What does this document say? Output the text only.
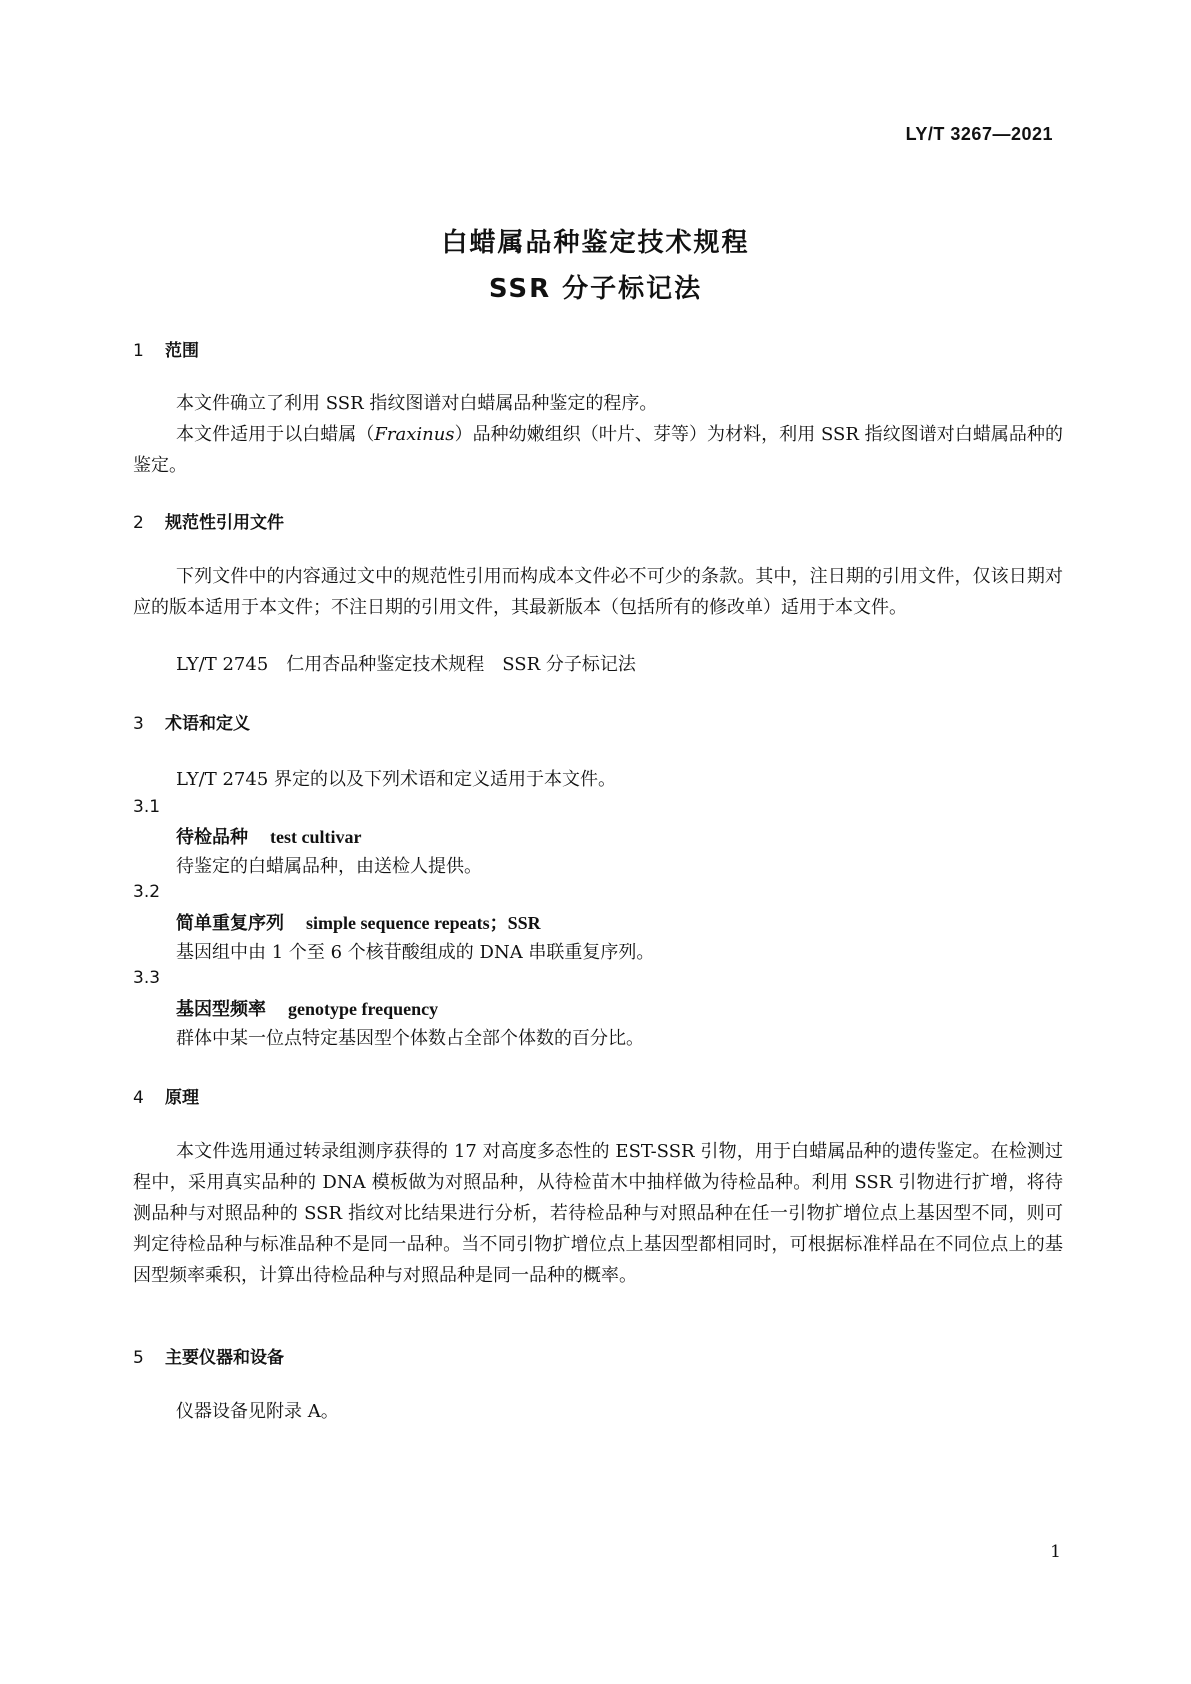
LY/T 3267—2021
白蜡属品种鉴定技术规程
SSR 分子标记法
1 范围
本文件确立了利用 SSR 指纹图谱对白蜡属品种鉴定的程序。
本文件适用于以白蜡属（Fraxinus）品种幼嫩组织（叶片、芽等）为材料，利用 SSR 指纹图谱对白蜡属品种的鉴定。
2 规范性引用文件
下列文件中的内容通过文中的规范性引用而构成本文件必不可少的条款。其中，注日期的引用文件，仅该日期对应的版本适用于本文件；不注日期的引用文件，其最新版本（包括所有的修改单）适用于本文件。
LY/T 2745　仁用杏品种鉴定技术规程　SSR 分子标记法
3 术语和定义
LY/T 2745 界定的以及下列术语和定义适用于本文件。
3.1
待检品种 test cultivar
待鉴定的白蜡属品种，由送检人提供。
3.2
简单重复序列 simple sequence repeats；SSR
基因组中由 1 个至 6 个核苷酸组成的 DNA 串联重复序列。
3.3
基因型频率 genotype frequency
群体中某一位点特定基因型个体数占全部个体数的百分比。
4 原理
本文件选用通过转录组测序获得的 17 对高度多态性的 EST-SSR 引物，用于白蜡属品种的遗传鉴定。在检测过程中，采用真实品种的 DNA 模板做为对照品种，从待检苗木中抽样做为待检品种。利用 SSR 引物进行扩增，将待测品种与对照品种的 SSR 指纹对比结果进行分析，若待检品种与对照品种在任一引物扩增位点上基因型不同，则可判定待检品种与标准品种不是同一品种。当不同引物扩增位点上基因型都相同时，可根据标准样品在不同位点上的基因型频率乘积，计算出待检品种与对照品种是同一品种的概率。
5 主要仪器和设备
仪器设备见附录 A。
1
